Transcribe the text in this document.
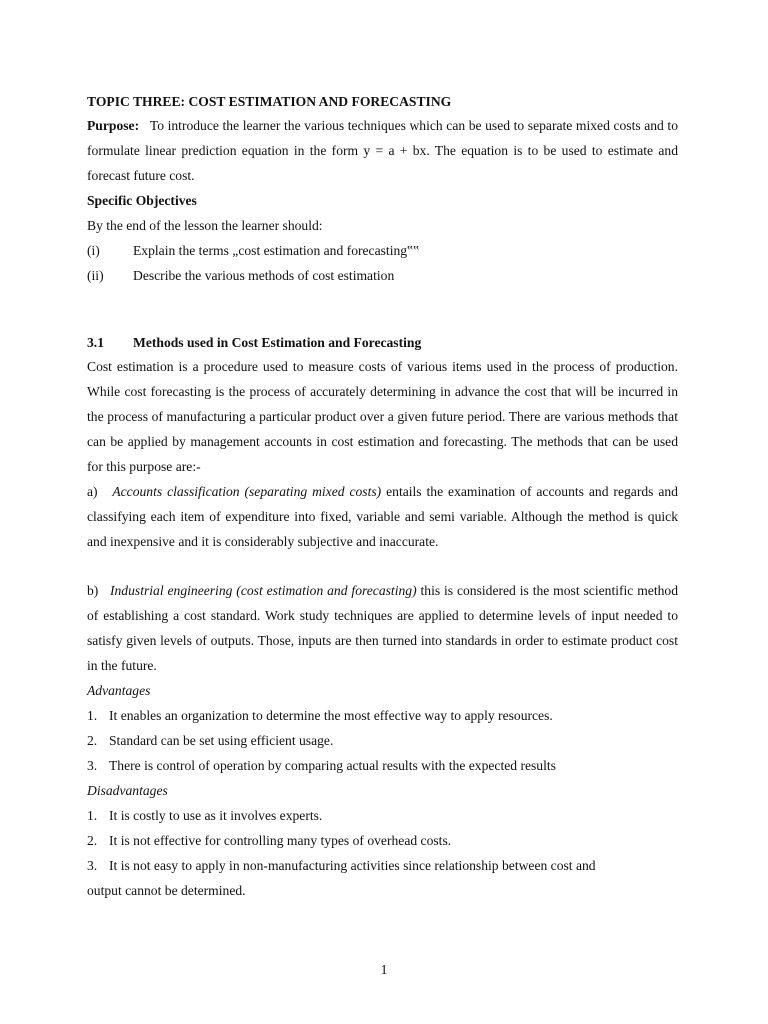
TOPIC THREE: COST ESTIMATION AND FORECASTING

Purpose: To introduce the learner the various techniques which can be used to separate mixed costs and to formulate linear prediction equation in the form y = a + bx. The equation is to be used to estimate and forecast future cost.

Specific Objectives

By the end of the lesson the learner should:

(i)	Explain the terms „cost estimation and forecasting‟‟
(ii)	Describe the various methods of cost estimation
3.1	Methods used in Cost Estimation and Forecasting

Cost estimation is a procedure used to measure costs of various items used in the process of production. While cost forecasting is the process of accurately determining in advance the cost that will be incurred in the process of manufacturing a particular product over a given future period. There are various methods that can be applied by management accounts in cost estimation and forecasting. The methods that can be used for this purpose are:-

a) Accounts classification (separating mixed costs) entails the examination of accounts and regards and classifying each item of expenditure into fixed, variable and semi variable. Although the method is quick and inexpensive and it is considerably subjective and inaccurate.

b) Industrial engineering (cost estimation and forecasting) this is considered is the most scientific method of establishing a cost standard. Work study techniques are applied to determine levels of input needed to satisfy given levels of outputs. Those, inputs are then turned into standards in order to estimate product cost in the future.

Advantages

1. It enables an organization to determine the most effective way to apply resources.
2. Standard can be set using efficient usage.
3. There is control of operation by comparing actual results with the expected results

Disadvantages

1. It is costly to use as it involves experts.
2. It is not effective for controlling many types of overhead costs.
3. It is not easy to apply in non-manufacturing activities since relationship between cost and

output cannot be determined.

1
